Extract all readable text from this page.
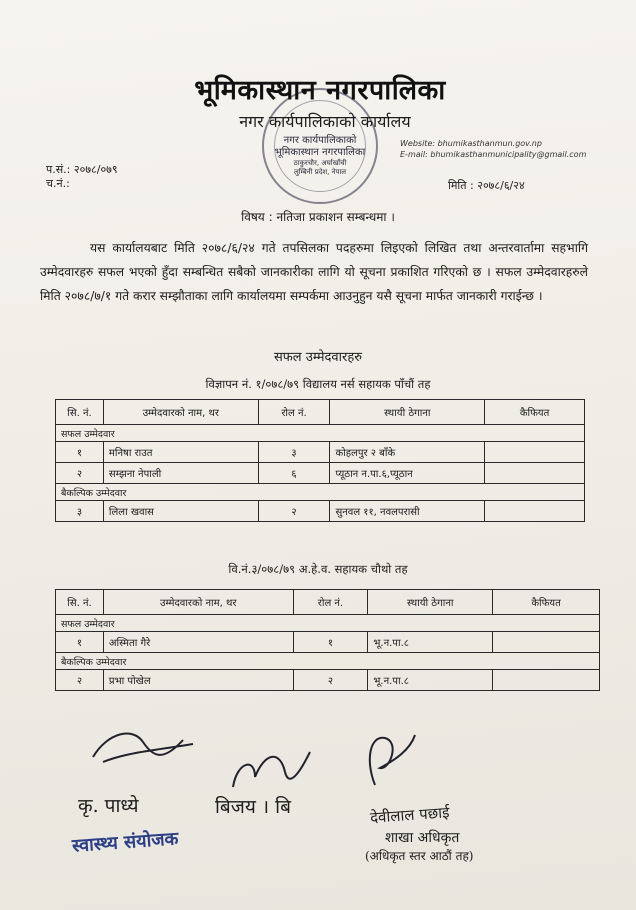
भूमिकास्थान नगरपालिका
नगर कार्यपालिकाको कार्यालय
नगर कार्यपालिकाको
भूमिकास्थान नगरपालिका
ठाकुरचौर, अर्घाखाँची
लुम्बिनी प्रदेश, नेपाल
Website: bhumikasthanmun.gov.np
E-mail: bhumikasthanmunicipality@gmail.com
प.सं.: २०७८/०७९
च.नं.:	मिति : २०७८/६/२४
विषय : नतिजा प्रकाशन सम्बन्धमा ।
यस कार्यालयबाट मिति २०७८/६/२४ गते तपसिलका पदहरुमा लिइएको लिखित तथा अन्तरवार्तामा सहभागि उम्मेदवारहरु सफल भएको हुँदा सम्बन्धित सबैको जानकारीका लागि यो सूचना प्रकाशित गरिएको छ । सफल उम्मेदवारहरुले मिति २०७८/७/१ गते करार सम्झौताका लागि कार्यालयमा सम्पर्कमा आउनुहुन यसै सूचना मार्फत जानकारी गराईन्छ ।
सफल उम्मेदवारहरु
विज्ञापन नं. १/०७८/७९ विद्यालय नर्स सहायक पाँचौं तह
सि. नं.	उम्मेदवारको नाम, थर	रोल नं.	स्थायी ठेगाना	कैफियत
सफल उम्मेदवार				
१	मनिषा राउत	३	कोहलपुर २ बाँके	
२	सम्झना नेपाली	६	प्यूठान न.पा.६,प्यूठान	
बैकल्पिक उम्मेदवार				
३	लिला खवास	२	सुनवल ११, नवलपरासी	
वि.नं.३/०७८/७९ अ.हे.व. सहायक चौथो तह
सि. नं.	उम्मेदवारको नाम, थर	रोल नं.	स्थायी ठेगाना	कैफियत
सफल उम्मेदवार				
१	अस्मिता गैरे	१	भू.न.पा.८	
बैकल्पिक उम्मेदवार				
२	प्रभा पोखेल	२	भू.न.पा.८	
कृ. पाध्ये
स्वास्थ्य संयोजक
बिजय । बि	देवीलाल पछाई
शाखा अधिकृत
(अधिकृत स्तर आठौं तह)
